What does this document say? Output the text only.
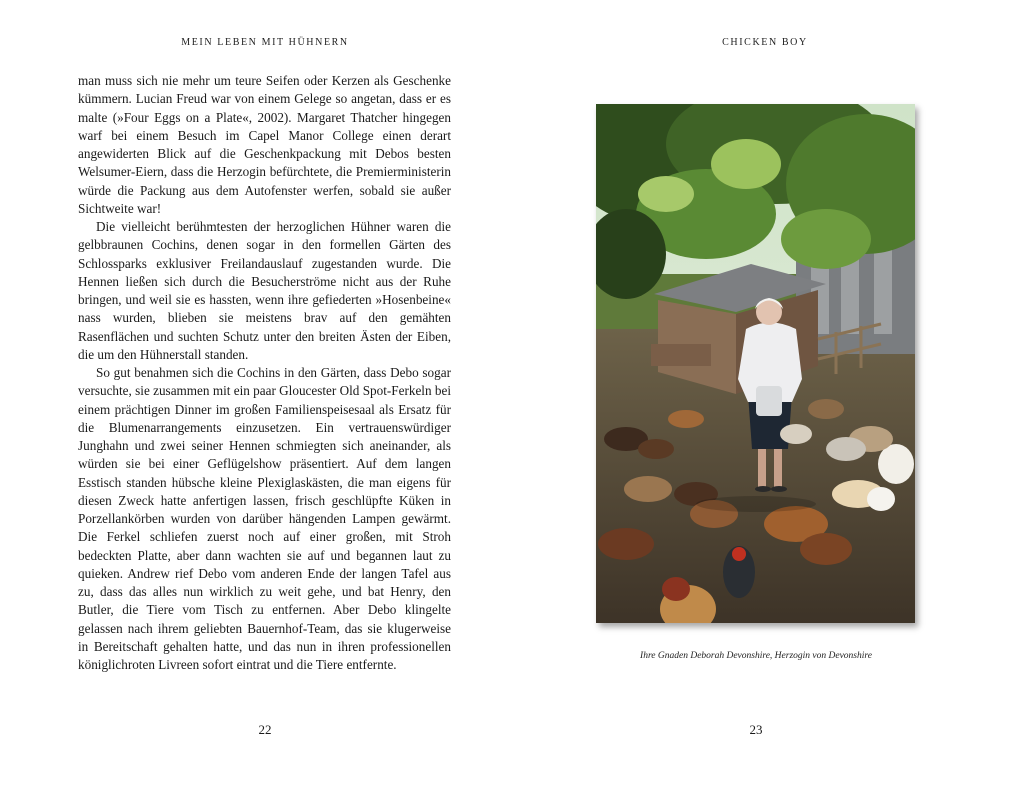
MEIN LEBEN MIT HÜHNERN

man muss sich nie mehr um teure Seifen oder Kerzen als Geschenke kümmern. Lucian Freud war von einem Gelege so angetan, dass er es malte (»Four Eggs on a Plate«, 2002). Margaret Thatcher hingegen warf bei einem Besuch im Capel Manor College einen derart angewiderten Blick auf die Geschenkpackung mit Debos besten Welsumer-Eiern, dass die Herzogin befürchtete, die Premierministerin würde die Packung aus dem Autofenster werfen, sobald sie außer Sichtweite war!

Die vielleicht berühmtesten der herzoglichen Hühner waren die gelbbraunen Cochins, denen sogar in den formellen Gärten des Schlossparks exklusiver Freilandauslauf zugestanden wurde. Die Hennen ließen sich durch die Besucherströme nicht aus der Ruhe bringen, und weil sie es hassten, wenn ihre gefiederten »Hosenbeine« nass wurden, blieben sie meistens brav auf den gemähten Rasenflächen und suchten Schutz unter den breiten Ästen der Eiben, die um den Hühnerstall standen.

So gut benahmen sich die Cochins in den Gärten, dass Debo sogar versuchte, sie zusammen mit ein paar Gloucester Old Spot-Ferkeln bei einem prächtigen Dinner im großen Familienspeisesaal als Ersatz für die Blumenarrangements einzusetzen. Ein vertrauenswürdiger Junghahn und zwei seiner Hennen schmiegten sich aneinander, als würden sie bei einer Geflügelshow präsentiert. Auf dem langen Esstisch standen hübsche kleine Plexiglaskästen, die man eigens für diesen Zweck hatte anfertigen lassen, frisch geschlüpfte Küken in Porzellankörben wurden von darüber hängenden Lampen gewärmt. Die Ferkel schliefen zuerst noch auf einer großen, mit Stroh bedeckten Platte, aber dann wachten sie auf und begannen laut zu quieken. Andrew rief Debo vom anderen Ende der langen Tafel aus zu, dass das alles nun wirklich zu weit gehe, und bat Henry, den Butler, die Tiere vom Tisch zu entfernen. Aber Debo klingelte gelassen nach ihrem geliebten Bauernhof-Team, das sie klugerweise in Bereitschaft gehalten hatte, und das nun in ihren professionellen königlichroten Livreen sofort eintrat und die Tiere entfernte.

22
CHICKEN BOY
Ihre Gnaden Deborah Devonshire, Herzogin von Devonshire
23
